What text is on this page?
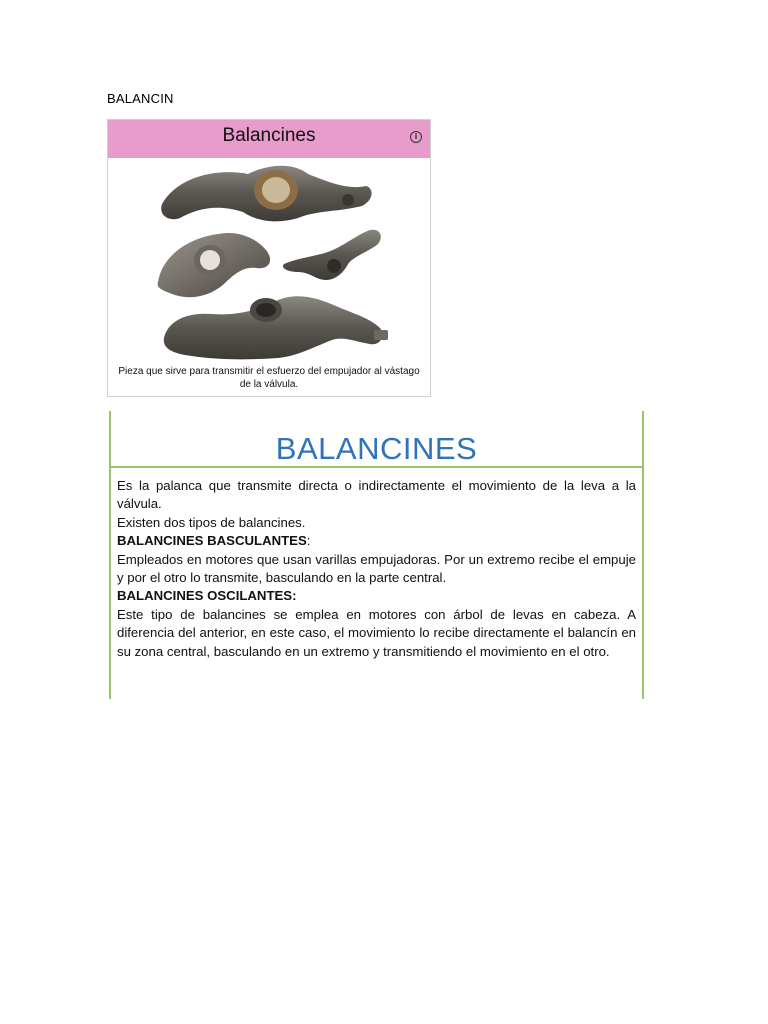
BALANCIN
Balancines	i
Pieza que sirve para transmitir el esfuerzo del empujador al vástago
de la válvula.
BALANCINES

Es la palanca que transmite directa o indirectamente el movimiento de la leva a la válvula.

Existen dos tipos de balancines.

BALANCINES BASCULANTES:

Empleados en motores que usan varillas empujadoras. Por un extremo recibe el empuje y por el otro lo transmite, basculando en la parte central.

BALANCINES OSCILANTES:

Este tipo de balancines se emplea en motores con árbol de levas en cabeza. A diferencia del anterior, en este caso, el movimiento lo recibe directamente el balancín en su zona central, basculando en un extremo y transmitiendo el movimiento en el otro.
